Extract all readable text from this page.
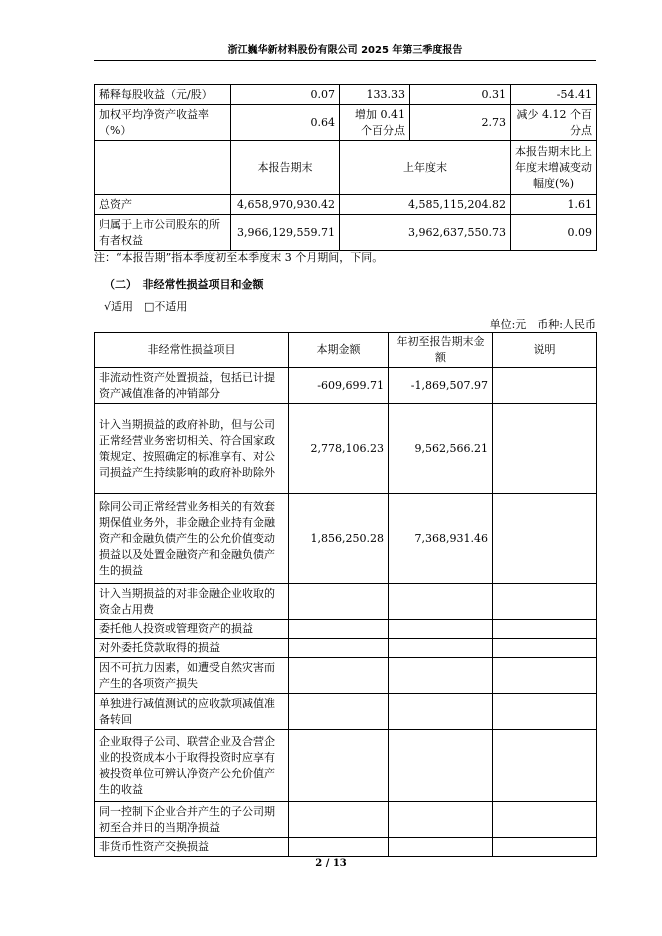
浙江巍华新材料股份有限公司 2025 年第三季度报告
稀释每股收益（元/股）	0.07	133.33	0.31	-54.41
加权平均净资产收益率（%）	0.64	增加 0.41 个百分点	2.73	减少 4.12 个百分点
	本报告期末	上年度末		本报告期末比上年度末增减变动幅度(%)
总资产	4,658,970,930.42	4,585,115,204.82		1.61
归属于上市公司股东的所有者权益	3,966,129,559.71	3,962,637,550.73		0.09
注：“本报告期”指本季度初至本季度末 3 个月期间，下同。
（二）　非经常性损益项目和金额
√适用　□不适用
单位:元　币种:人民币
非经常性损益项目	本期金额	年初至报告期末金额	说明
非流动性资产处置损益，包括已计提资产减值准备的冲销部分	-609,699.71	-1,869,507.97	
计入当期损益的政府补助，但与公司正常经营业务密切相关、符合国家政策规定、按照确定的标准享有、对公司损益产生持续影响的政府补助除外	2,778,106.23	9,562,566.21	
除同公司正常经营业务相关的有效套期保值业务外，非金融企业持有金融资产和金融负债产生的公允价值变动损益以及处置金融资产和金融负债产生的损益	1,856,250.28	7,368,931.46	
计入当期损益的对非金融企业收取的资金占用费			
委托他人投资或管理资产的损益			
对外委托贷款取得的损益			
因不可抗力因素，如遭受自然灾害而产生的各项资产损失			
单独进行减值测试的应收款项减值准备转回			
企业取得子公司、联营企业及合营企业的投资成本小于取得投资时应享有被投资单位可辨认净资产公允价值产生的收益			
同一控制下企业合并产生的子公司期初至合并日的当期净损益			
非货币性资产交换损益			
2 / 13
